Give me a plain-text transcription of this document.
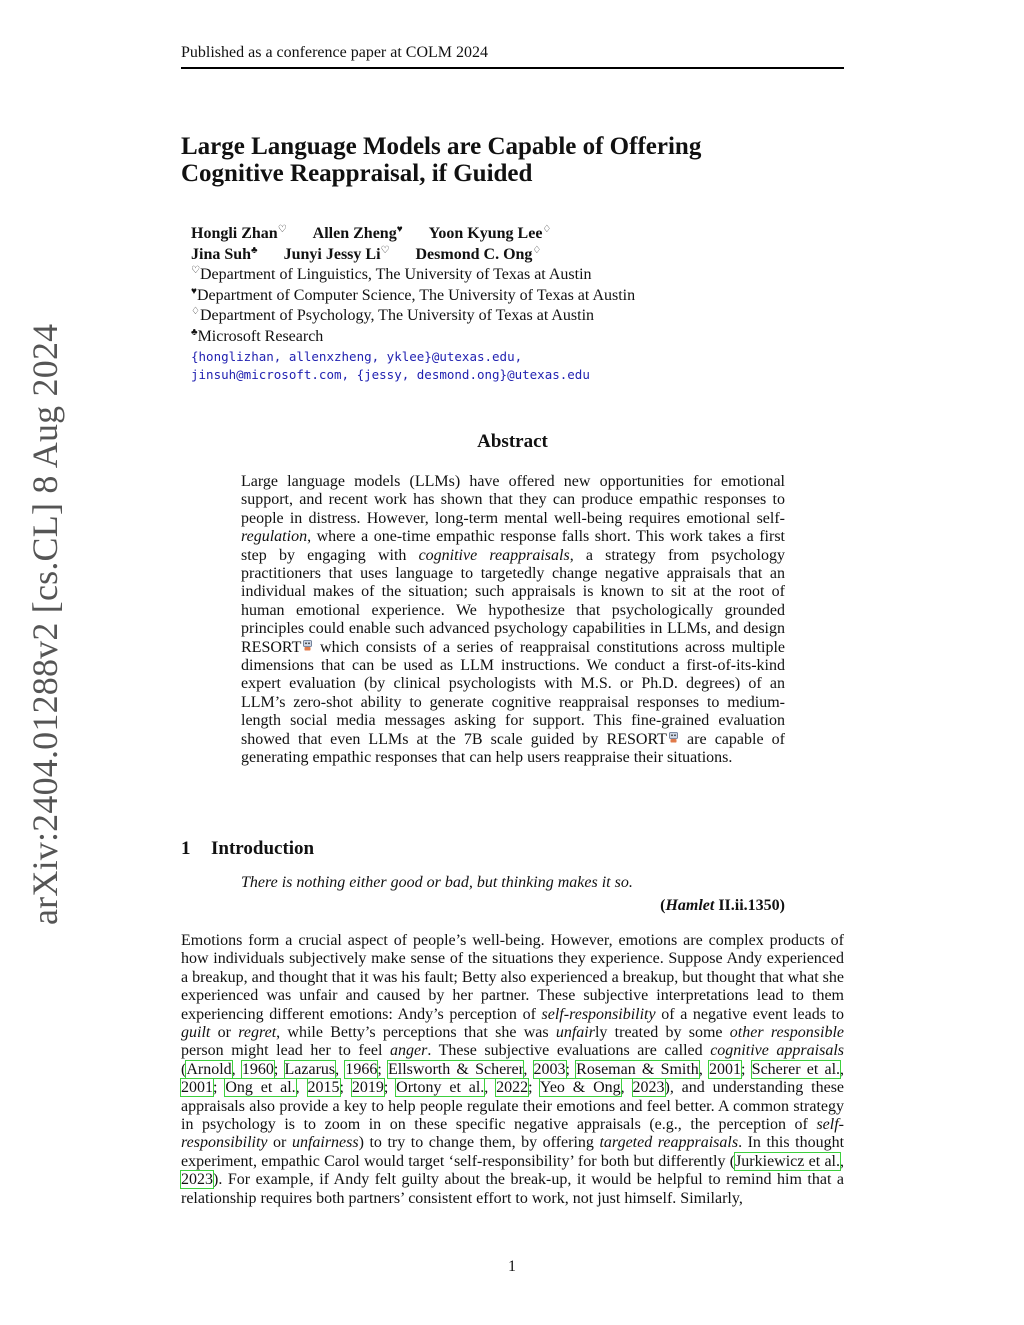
Published as a conference paper at COLM 2024
arXiv:2404.01288v2 [cs.CL] 8 Aug 2024
Large Language Models are Capable of Offering
Cognitive Reappraisal, if Guided
Hongli Zhan♡ Allen Zheng♥ Yoon Kyung Lee♢
Jina Suh♣ Junyi Jessy Li♡ Desmond C. Ong♢
♡Department of Linguistics, The University of Texas at Austin
♥Department of Computer Science, The University of Texas at Austin
♢Department of Psychology, The University of Texas at Austin
♣Microsoft Research
{honglizhan, allenxzheng, yklee}@utexas.edu,
jinsuh@microsoft.com, {jessy, desmond.ong}@utexas.edu
Abstract
Large language models (LLMs) have offered new opportunities for emotional support, and recent work has shown that they can produce empathic responses to people in distress. However, long-term mental well-being requires emotional self-regulation, where a one-time empathic response falls short. This work takes a first step by engaging with cognitive reappraisals, a strategy from psychology practitioners that uses language to targetedly change negative appraisals that an individual makes of the situation; such appraisals is known to sit at the root of human emotional experience. We hypothesize that psychologically grounded principles could enable such advanced psychology capabilities in LLMs, and design RESORT
which consists of a series of reappraisal constitutions across multiple dimensions that can be used as LLM instructions. We conduct a first-of-its-kind expert evaluation (by clinical psychologists with M.S. or Ph.D. degrees) of an LLM’s zero-shot ability to generate cognitive reappraisal responses to medium-length social media messages asking for support. This fine-grained evaluation showed that even LLMs at the 7B scale guided by RESORT
are capable of generating empathic responses that can help users reappraise their situations.
1 Introduction
There is nothing either good or bad, but thinking makes it so.
(Hamlet II.ii.1350)
Emotions form a crucial aspect of people’s well-being. However, emotions are complex products of how individuals subjectively make sense of the situations they experience. Suppose Andy experienced a breakup, and thought that it was his fault; Betty also experienced a breakup, but thought that what she experienced was unfair and caused by her partner. These subjective interpretations lead to them experiencing different emotions: Andy’s perception of self-responsibility of a negative event leads to guilt or regret, while Betty’s perceptions that she was unfairly treated by some other responsible person might lead her to feel anger. These subjective evaluations are called cognitive appraisals (Arnold, 1960; Lazarus, 1966; Ellsworth & Scherer, 2003; Roseman & Smith, 2001; Scherer et al., 2001; Ong et al., 2015; 2019; Ortony et al., 2022; Yeo & Ong, 2023), and understanding these appraisals also provide a key to help people regulate their emotions and feel better. A common strategy in psychology is to zoom in on these specific negative appraisals (e.g., the perception of self-responsibility or unfairness) to try to change them, by offering targeted reappraisals. In this thought experiment, empathic Carol would target ‘self-responsibility’ for both but differently (Jurkiewicz et al., 2023). For example, if Andy felt guilty about the break-up, it would be helpful to remind him that a relationship requires both partners’ consistent effort to work, not just himself. Similarly,
1
